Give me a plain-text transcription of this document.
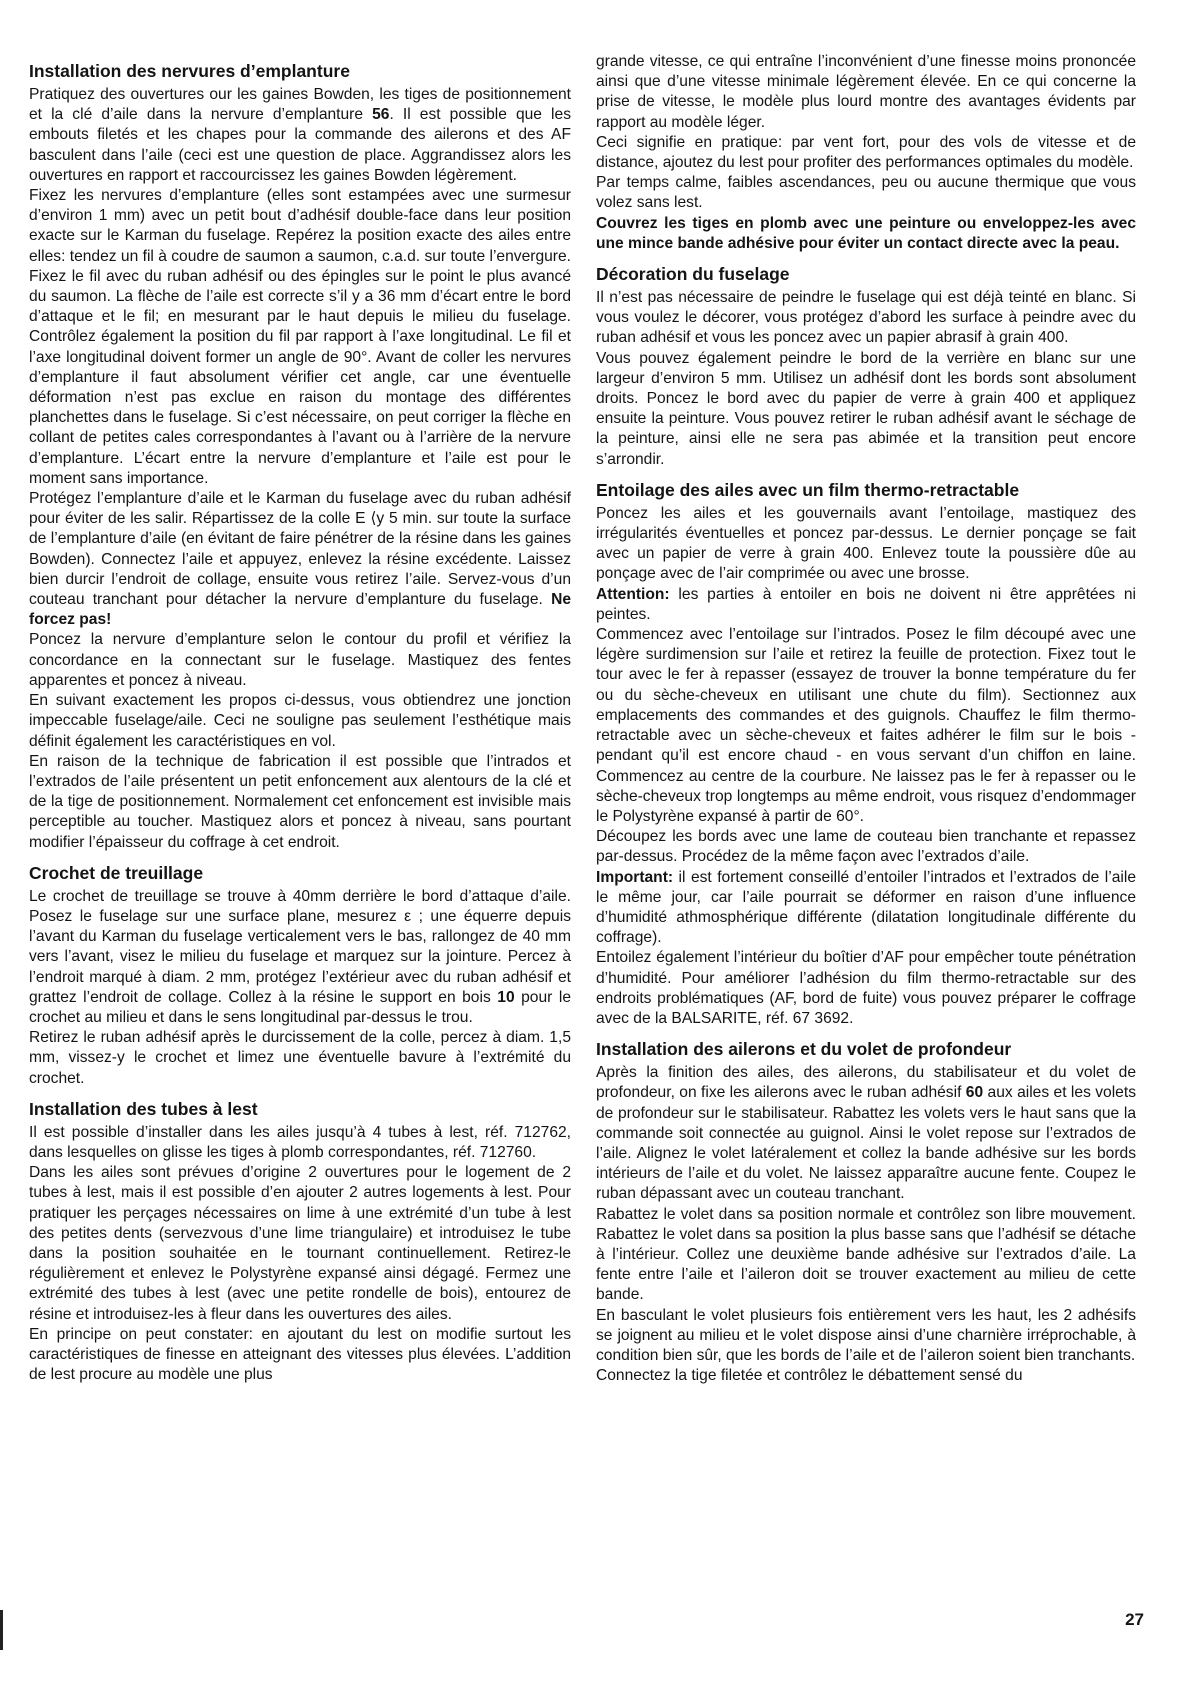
Installation des nervures d’emplanture

Pratiquez des ouvertures our les gaines Bowden, les tiges de positionnement et la clé d’aile dans la nervure d’emplanture 56. Il est possible que les embouts filetés et les chapes pour la commande des ailerons et des AF basculent dans l’aile (ceci est une question de place. Aggrandissez alors les ouvertures en rapport et raccourcissez les gaines Bowden légèrement.

Fixez les nervures d’emplanture (elles sont estampées avec une surmesur d’environ 1 mm) avec un petit bout d’adhésif double-face dans leur position exacte sur le Karman du fuselage. Repérez la position exacte des ailes entre elles: tendez un fil à coudre de saumon a saumon, c.a.d. sur toute l’envergure. Fixez le fil avec du ruban adhésif ou des épingles sur le point le plus avancé du saumon. La flèche de l’aile est correcte s’il y a 36 mm d’écart entre le bord d’attaque et le fil; en mesurant par le haut depuis le milieu du fuselage. Contrôlez également la position du fil par rapport à l’axe longitudinal. Le fil et l’axe longitudinal doivent former un angle de 90°. Avant de coller les nervures d’emplanture il faut absolument vérifier cet angle, car une éventuelle déformation n’est pas exclue en raison du montage des différentes planchettes dans le fuselage. Si c’est nécessaire, on peut corriger la flèche en collant de petites cales correspondantes à l’avant ou à l’arrière de la nervure d’emplanture. L’écart entre la nervure d’emplanture et l’aile est pour le moment sans importance.

Protégez l’emplanture d’aile et le Karman du fuselage avec du ruban adhésif pour éviter de les salir. Répartissez de la colle E ⟨y 5 min. sur toute la surface de l’emplanture d’aile (en évitant de faire pénétrer de la résine dans les gaines Bowden). Connectez l’aile et appuyez, enlevez la résine excédente. Laissez bien durcir l’endroit de collage, ensuite vous retirez l’aile. Servez-vous d’un couteau tranchant pour détacher la nervure d’emplanture du fuselage. Ne forcez pas!

Poncez la nervure d’emplanture selon le contour du profil et vérifiez la concordance en la connectant sur le fuselage. Mastiquez des fentes apparentes et poncez à niveau.

En suivant exactement les propos ci-dessus, vous obtiendrez une jonction impeccable fuselage/aile. Ceci ne souligne pas seulement l’esthétique mais définit également les caractéristiques en vol.

En raison de la technique de fabrication il est possible que l’intrados et l’extrados de l’aile présentent un petit enfoncement aux alentours de la clé et de la tige de positionnement. Normalement cet enfoncement est invisible mais perceptible au toucher. Mastiquez alors et poncez à niveau, sans pourtant modifier l’épaisseur du coffrage à cet endroit.

Crochet de treuillage

Le crochet de treuillage se trouve à 40mm derrière le bord d’attaque d’aile. Posez le fuselage sur une surface plane, mesurez ε ; une équerre depuis l’avant du Karman du fuselage verticalement vers le bas, rallongez de 40 mm vers l’avant, visez le milieu du fuselage et marquez sur la jointure. Percez à l’endroit marqué à diam. 2 mm, protégez l’extérieur avec du ruban adhésif et grattez l’endroit de collage. Collez à la résine le support en bois 10 pour le crochet au milieu et dans le sens longitudinal par-dessus le trou.

Retirez le ruban adhésif après le durcissement de la colle, percez à diam. 1,5 mm, vissez-y le crochet et limez une éventuelle bavure à l’extrémité du crochet.

Installation des tubes à lest

Il est possible d’installer dans les ailes jusqu’à 4 tubes à lest, réf. 712762, dans lesquelles on glisse les tiges à plomb correspondantes, réf. 712760.

Dans les ailes sont prévues d’origine 2 ouvertures pour le logement de 2 tubes à lest, mais il est possible d’en ajouter 2 autres logements à lest. Pour pratiquer les perçages nécessaires on lime à une extrémité d’un tube à lest des petites dents (servezvous d’une lime triangulaire) et introduisez le tube dans la position souhaitée en le tournant continuellement. Retirez-le régulièrement et enlevez le Polystyrène expansé ainsi dégagé. Fermez une extrémité des tubes à lest (avec une petite rondelle de bois), entourez de résine et introduisez-les à fleur dans les ouvertures des ailes.

En principe on peut constater: en ajoutant du lest on modifie surtout les caractéristiques de finesse en atteignant des vitesses plus élevées. L’addition de lest procure au modèle une plus

grande vitesse, ce qui entraîne l’inconvénient d’une finesse moins prononcée ainsi que d’une vitesse minimale légèrement élevée. En ce qui concerne la prise de vitesse, le modèle plus lourd montre des avantages évidents par rapport au modèle léger.

Ceci signifie en pratique: par vent fort, pour des vols de vitesse et de distance, ajoutez du lest pour profiter des performances optimales du modèle.

Par temps calme, faibles ascendances, peu ou aucune thermique que vous volez sans lest.

Couvrez les tiges en plomb avec une peinture ou enveloppez-les avec une mince bande adhésive pour éviter un contact directe avec la peau.

Décoration du fuselage

Il n’est pas nécessaire de peindre le fuselage qui est déjà teinté en blanc. Si vous voulez le décorer, vous protégez d’abord les surface à peindre avec du ruban adhésif et vous les poncez avec un papier abrasif à grain 400.

Vous pouvez également peindre le bord de la verrière en blanc sur une largeur d’environ 5 mm. Utilisez un adhésif dont les bords sont absolument droits. Poncez le bord avec du papier de verre à grain 400 et appliquez ensuite la peinture. Vous pouvez retirer le ruban adhésif avant le séchage de la peinture, ainsi elle ne sera pas abimée et la transition peut encore s’arrondir.

Entoilage des ailes avec un film thermo-retractable

Poncez les ailes et les gouvernails avant l’entoilage, mastiquez des irrégularités éventuelles et poncez par-dessus. Le dernier ponçage se fait avec un papier de verre à grain 400. Enlevez toute la poussière dûe au ponçage avec de l’air comprimée ou avec une brosse.

Attention: les parties à entoiler en bois ne doivent ni être apprêtées ni peintes.

Commencez avec l’entoilage sur l’intrados. Posez le film découpé avec une légère surdimension sur l’aile et retirez la feuille de protection. Fixez tout le tour avec le fer à repasser (essayez de trouver la bonne température du fer ou du sèche-cheveux en utilisant une chute du film). Sectionnez aux emplacements des commandes et des guignols. Chauffez le film thermo-retractable avec un sèche-cheveux et faites adhérer le film sur le bois - pendant qu’il est encore chaud - en vous servant d’un chiffon en laine. Commencez au centre de la courbure. Ne laissez pas le fer à repasser ou le sèche-cheveux trop longtemps au même endroit, vous risquez d’endommager le Polystyrène expansé à partir de 60°.

Découpez les bords avec une lame de couteau bien tranchante et repassez par-dessus. Procédez de la même façon avec l’extrados d’aile.

Important: il est fortement conseillé d’entoiler l’intrados et l’extrados de l’aile le même jour, car l’aile pourrait se déformer en raison d’une influence d’humidité athmosphérique différente (dilatation longitudinale différente du coffrage).

Entoilez également l’intérieur du boîtier d’AF pour empêcher toute pénétration d’humidité. Pour améliorer l’adhésion du film thermo-retractable sur des endroits problématiques (AF, bord de fuite) vous pouvez préparer le coffrage avec de la BALSARITE, réf. 67 3692.

Installation des ailerons et du volet de profondeur

Après la finition des ailes, des ailerons, du stabilisateur et du volet de profondeur, on fixe les ailerons avec le ruban adhésif 60 aux ailes et les volets de profondeur sur le stabilisateur. Rabattez les volets vers le haut sans que la commande soit connectée au guignol. Ainsi le volet repose sur l’extrados de l’aile. Alignez le volet latéralement et collez la bande adhésive sur les bords intérieurs de l’aile et du volet. Ne laissez apparaître aucune fente. Coupez le ruban dépassant avec un couteau tranchant.

Rabattez le volet dans sa position normale et contrôlez son libre mouvement. Rabattez le volet dans sa position la plus basse sans que l’adhésif se détache à l’intérieur. Collez une deuxième bande adhésive sur l’extrados d’aile. La fente entre l’aile et l’aileron doit se trouver exactement au milieu de cette bande.

En basculant le volet plusieurs fois entièrement vers les haut, les 2 adhésifs se joignent au milieu et le volet dispose ainsi d’une charnière irréprochable, à condition bien sûr, que les bords de l’aile et de l’aileron soient bien tranchants.

Connectez la tige filetée et contrôlez le débattement sensé du

27
